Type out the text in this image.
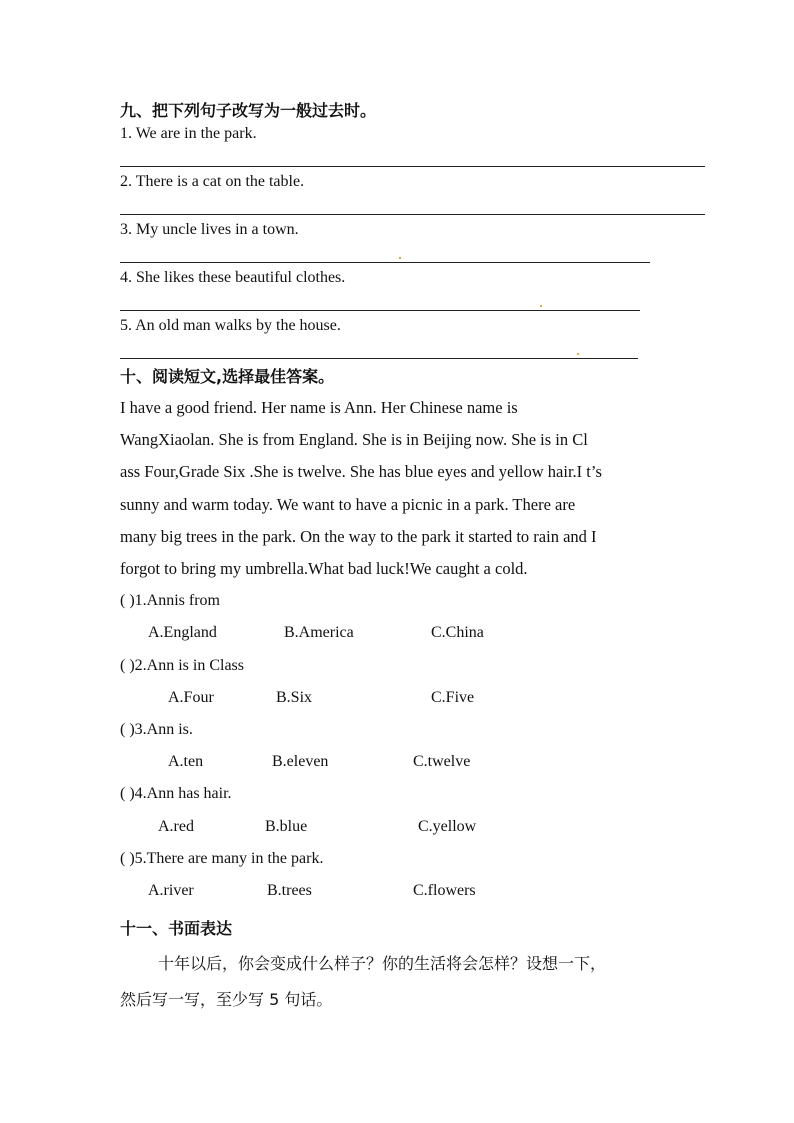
九、把下列句子改写为一般过去时。
1. We are in the park.
2. There is a cat on the table.
3. My uncle lives in a town.
4. She likes these beautiful clothes.
5. An old man walks by the house.
十、阅读短文,选择最佳答案。
I have a good friend. Her name is Ann. Her Chinese name is
WangXiaolan. She is from England. She is in Beijing now. She is in Cl
ass Four,Grade Six .She is twelve. She has blue eyes and yellow hair.I t’s
sunny and warm today. We want to have a picnic in a park. There are
many big trees in the park. On the way to the park it started to rain and I
forgot to bring my umbrella.What bad luck!We caught a cold.
( )1.Annis from
A.England	B.America	C.China
( )2.Ann is in Class
A.Four	B.Six	C.Five
( )3.Ann is.
A.ten	B.eleven	C.twelve
( )4.Ann has hair.
A.red	B.blue	C.yellow
( )5.There are many in the park.
A.river	B.trees	C.flowers
十一、书面表达
十年以后，你会变成什么样子？你的生活将会怎样？设想一下，
然后写一写，至少写 5 句话。
